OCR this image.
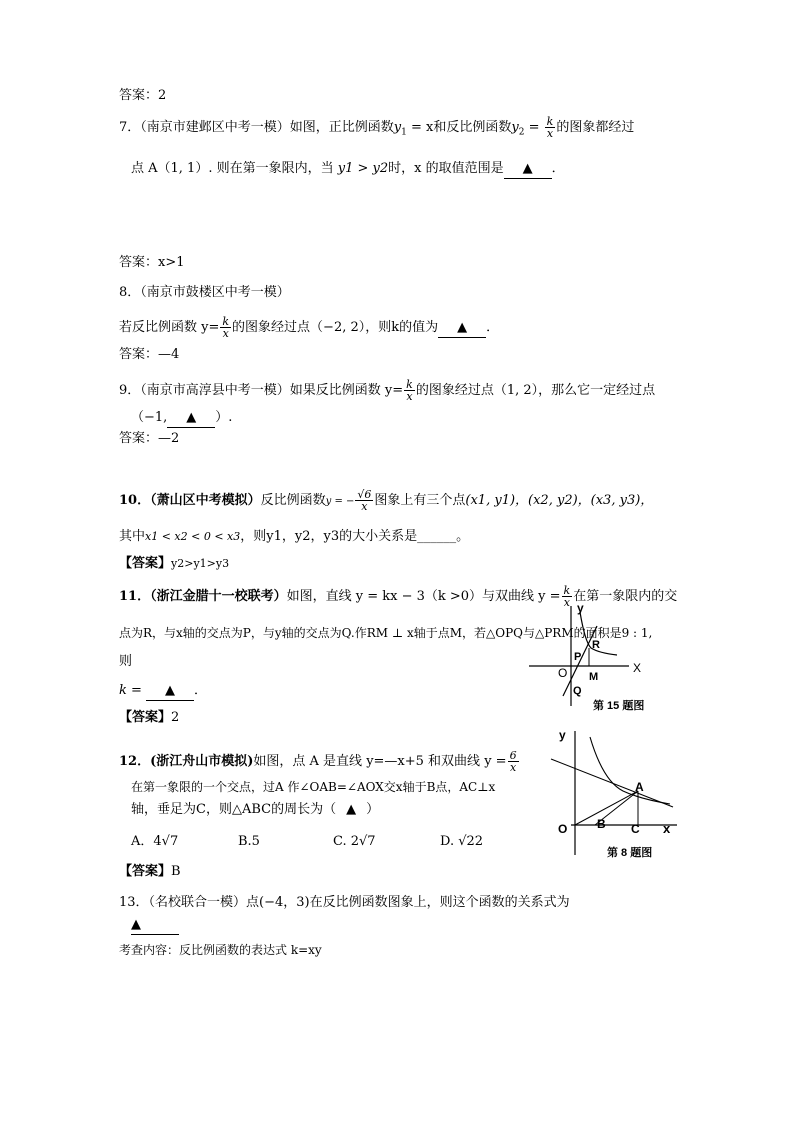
答案：2
7．（南京市建邺区中考一模）如图，正比例函数$y_1 = x$和反比例函数$y_2 = \frac{k}{x}$ 的图象都经过
点 A（1, 1）. 则在第一象限内，当 y1 > y2时，x 的取值范围是 ▲ ．
答案：x>1
8．（南京市鼓楼区中考一模）
若反比例函数 $y= \frac{k}{x}$ 的图象经过点（−2, 2），则k的值为 ▲ ．
答案：—4
9．（南京市高淳县中考一模）如果反比例函数 $y= \frac{k}{x}$ 的图象经过点（1, 2），那么它一定经过点
（−1, ▲ ）.
答案：—2
10．（萧山区中考模拟）反比例函数y = − $\frac{√6}{x}$ 图象上有三个点(x1, y1)，(x2, y2)，(x3, y3)，
其中x1 < x2 < 0 < x3，则y1，y2，y3的大小关系是______。
【答案】y2>y1>y3
11．（浙江金腊十一校联考）如图，直线 y = kx − 3（k >0）与双曲线 $y = \frac{k}{x}$ 在第一象限内的交
点为R，与x轴的交点为P，与y轴的交点为Q.作RM ⊥ x轴于点M，若△OPQ与△PRM的面积是9 : 1,
则
k = ▲ ．
【答案】2
y
X
O
P
R
M
Q
第 15 题图
12．(浙江舟山市模拟)如图，点 A 是直线 y=—x+5 和双曲线 $y = \frac{6}{x}$
在第一象限的一个交点，过A 作∠OAB=∠AOX交x轴于B点，AC⊥x
轴，垂足为C，则△ABC的周长为（ ▲ ）
A．4√7	B.5	C. 2√7	D. √22
【答案】B
y
x
O
A
B C
第 8 题图
13．（名校联合一模）点(−4，3)在反比例函数图象上，则这个函数的关系式为
▲
考查内容：反比例函数的表达式 k=xy
